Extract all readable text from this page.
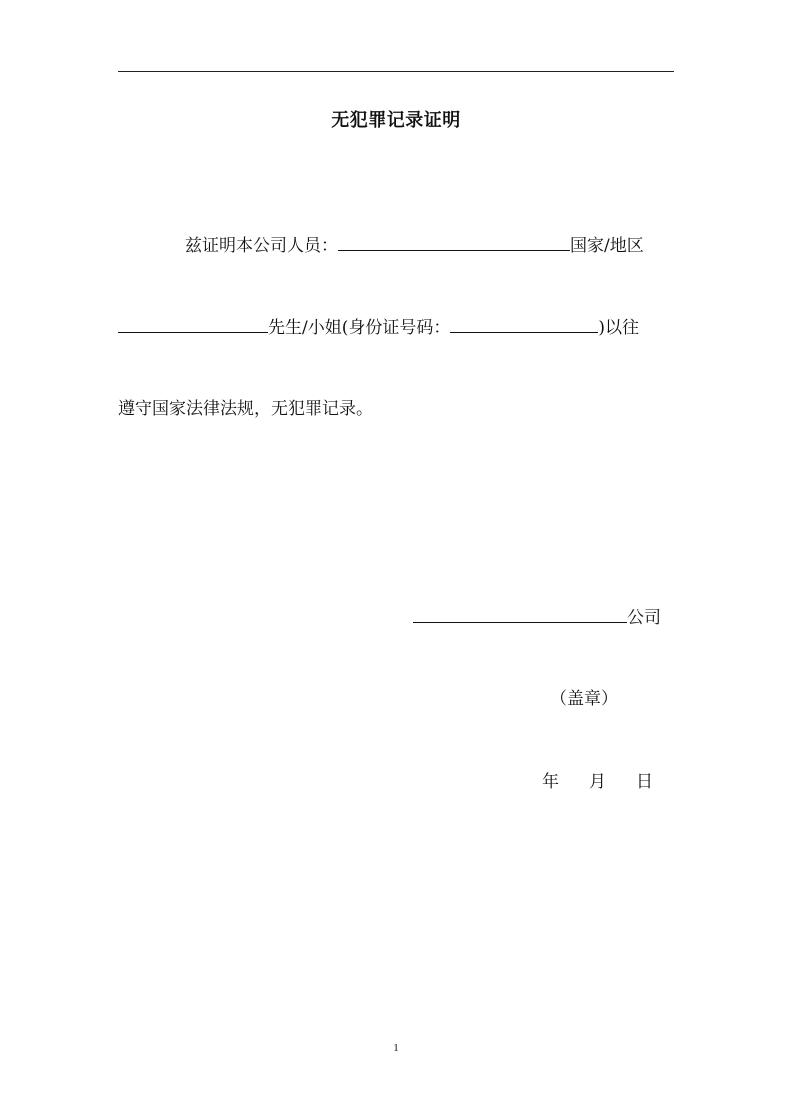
无犯罪记录证明
兹证明本公司人员：	国家/地区
先生/小姐(身份证号码：	)以往
遵守国家法律法规，无犯罪记录。
公司
（盖章）
年 月 日
1
